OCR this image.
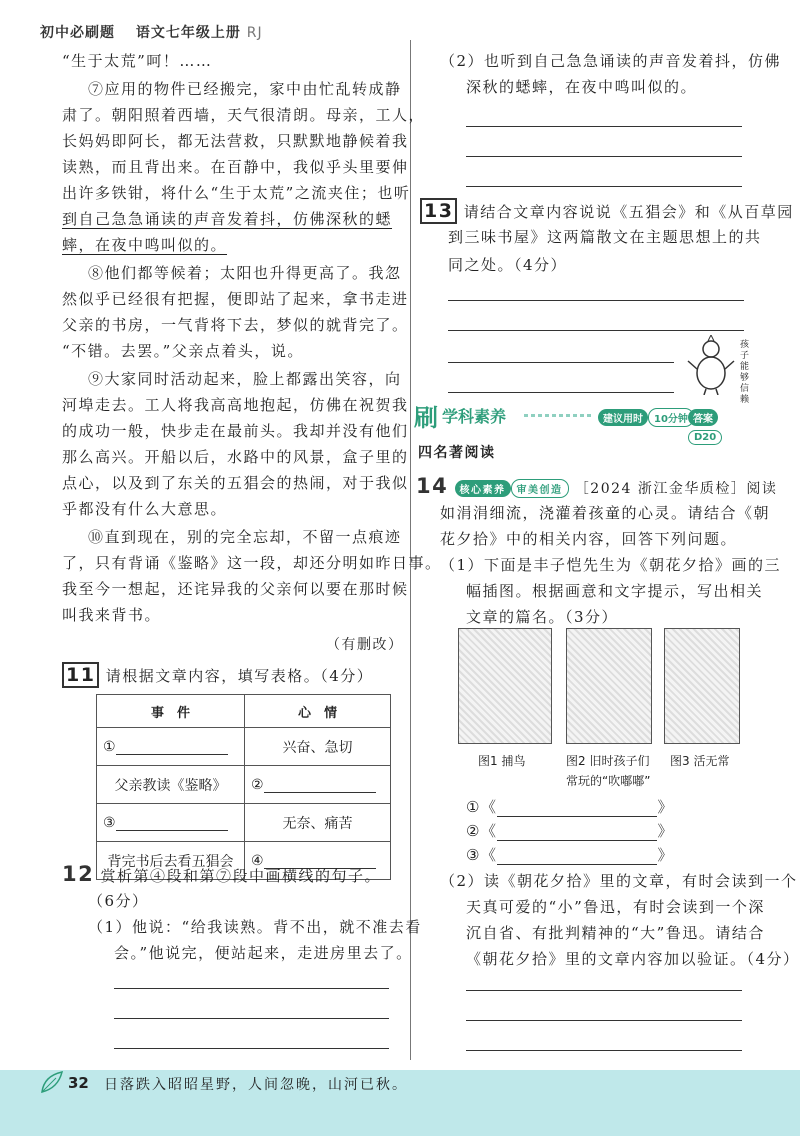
初中必刷题　 语文七年级上册 RJ
“生于太荒”呵！……
⑦应用的物件已经搬完，家中由忙乱转成静
肃了。朝阳照着西墙，天气很清朗。母亲，工人，
长妈妈即阿长，都无法营救，只默默地静候着我
读熟，而且背出来。在百静中，我似乎头里要伸
出许多铁钳，将什么“生于太荒”之流夹住；也听
到自己急急诵读的声音发着抖，仿佛深秋的蟋
蟀，在夜中鸣叫似的。
⑧他们都等候着；太阳也升得更高了。我忽
然似乎已经很有把握，便即站了起来，拿书走进
父亲的书房，一气背将下去，梦似的就背完了。
“不错。去罢。”父亲点着头，说。
⑨大家同时活动起来，脸上都露出笑容，向
河埠走去。工人将我高高地抱起，仿佛在祝贺我
的成功一般，快步走在最前头。我却并没有他们
那么高兴。开船以后，水路中的风景，盒子里的
点心，以及到了东关的五猖会的热闹，对于我似
乎都没有什么大意思。
⑩直到现在，别的完全忘却，不留一点痕迹
了，只有背诵《鉴略》这一段，却还分明如昨日事。
我至今一想起，还诧异我的父亲何以要在那时候
叫我来背书。
（有删改）
11 请根据文章内容，填写表格。（4分）
事　件	心　情
①	兴奋、急切
父亲教读《鉴略》	②
③	无奈、痛苦
背完书后去看五猖会	④
12 赏析第④段和第⑦段中画横线的句子。
（6分）
（1）他说：“给我读熟。背不出，就不准去看
会。”他说完，便站起来，走进房里去了。
（2）也听到自己急急诵读的声音发着抖，仿佛
深秋的蟋蟀，在夜中鸣叫似的。
13 请结合文章内容说说《五猖会》和《从百草园
到三味书屋》这两篇散文在主题思想上的共
同之处。（4分）
孩子能够信赖
刷 学科素养	建议用时 10分钟 答案D20
四名著阅读
14 核心素养 审美创造 ［2024 浙江金华质检］阅读
如涓涓细流，浇灌着孩童的心灵。请结合《朝
花夕拾》中的相关内容，回答下列问题。
（1）下面是丰子恺先生为《朝花夕拾》画的三
幅插图。根据画意和文字提示，写出相关
文章的篇名。（3分）
图1 捕鸟	图2 旧时孩子们
常玩的“吹嘟嘟”
图3 活无常
①《	》
②《	》
③《	》
（2）读《朝花夕拾》里的文章，有时会读到一个
天真可爱的“小”鲁迅，有时会读到一个深
沉自省、有批判精神的“大”鲁迅。请结合
《朝花夕拾》里的文章内容加以验证。（4分）
32 日落跌入昭昭星野，人间忽晚，山河已秋。
